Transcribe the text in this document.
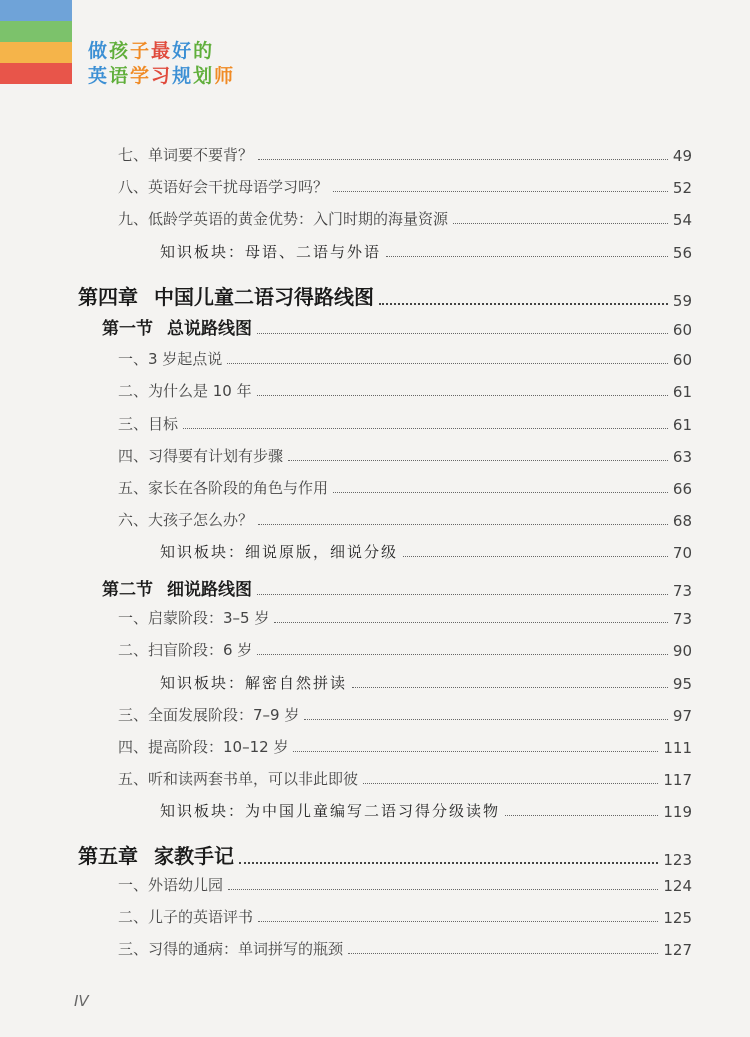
做孩子最好的
英语学习规划师
七、单词要不要背？	49
八、英语好会干扰母语学习吗？	52
九、低龄学英语的黄金优势：入门时期的海量资源	54
知识板块：母语、二语与外语	56
第四章 中国儿童二语习得路线图	59
第一节 总说路线图	60
一、3 岁起点说	60
二、为什么是 10 年	61
三、目标	61
四、习得要有计划有步骤	63
五、家长在各阶段的角色与作用	66
六、大孩子怎么办？	68
知识板块：细说原版，细说分级	70
第二节 细说路线图	73
一、启蒙阶段：3–5 岁	73
二、扫盲阶段：6 岁	90
知识板块：解密自然拼读	95
三、全面发展阶段：7–9 岁	97
四、提高阶段：10–12 岁	111
五、听和读两套书单，可以非此即彼	117
知识板块：为中国儿童编写二语习得分级读物	119
第五章 家教手记	123
一、外语幼儿园	124
二、儿子的英语评书	125
三、习得的通病：单词拼写的瓶颈	127
IV
